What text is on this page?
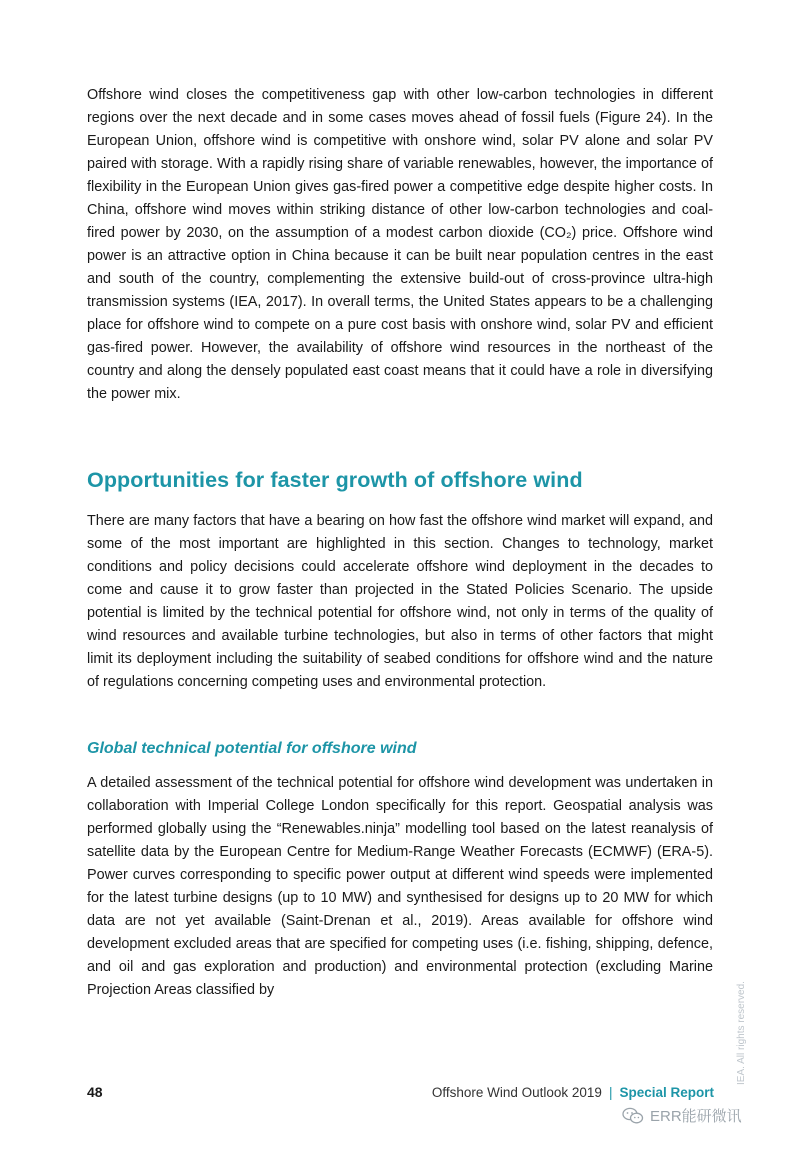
Offshore wind closes the competitiveness gap with other low-carbon technologies in different regions over the next decade and in some cases moves ahead of fossil fuels (Figure 24). In the European Union, offshore wind is competitive with onshore wind, solar PV alone and solar PV paired with storage. With a rapidly rising share of variable renewables, however, the importance of flexibility in the European Union gives gas-fired power a competitive edge despite higher costs. In China, offshore wind moves within striking distance of other low-carbon technologies and coal-fired power by 2030, on the assumption of a modest carbon dioxide (CO₂) price. Offshore wind power is an attractive option in China because it can be built near population centres in the east and south of the country, complementing the extensive build-out of cross-province ultra-high transmission systems (IEA, 2017). In overall terms, the United States appears to be a challenging place for offshore wind to compete on a pure cost basis with onshore wind, solar PV and efficient gas-fired power. However, the availability of offshore wind resources in the northeast of the country and along the densely populated east coast means that it could have a role in diversifying the power mix.

Opportunities for faster growth of offshore wind

There are many factors that have a bearing on how fast the offshore wind market will expand, and some of the most important are highlighted in this section. Changes to technology, market conditions and policy decisions could accelerate offshore wind deployment in the decades to come and cause it to grow faster than projected in the Stated Policies Scenario. The upside potential is limited by the technical potential for offshore wind, not only in terms of the quality of wind resources and available turbine technologies, but also in terms of other factors that might limit its deployment including the suitability of seabed conditions for offshore wind and the nature of regulations concerning competing uses and environmental protection.

Global technical potential for offshore wind

A detailed assessment of the technical potential for offshore wind development was undertaken in collaboration with Imperial College London specifically for this report. Geospatial analysis was performed globally using the “Renewables.ninja” modelling tool based on the latest reanalysis of satellite data by the European Centre for Medium-Range Weather Forecasts (ECMWF) (ERA-5). Power curves corresponding to specific power output at different wind speeds were implemented for the latest turbine designs (up to 10 MW) and synthesised for designs up to 20 MW for which data are not yet available (Saint-Drenan et al., 2019). Areas available for offshore wind development excluded areas that are specified for competing uses (i.e. fishing, shipping, defence, and oil and gas exploration and production) and environmental protection (excluding Marine Projection Areas classified by

48	Offshore Wind Outlook 2019 | Special Report
IEA. All rights reserved.
ERR能研微讯
